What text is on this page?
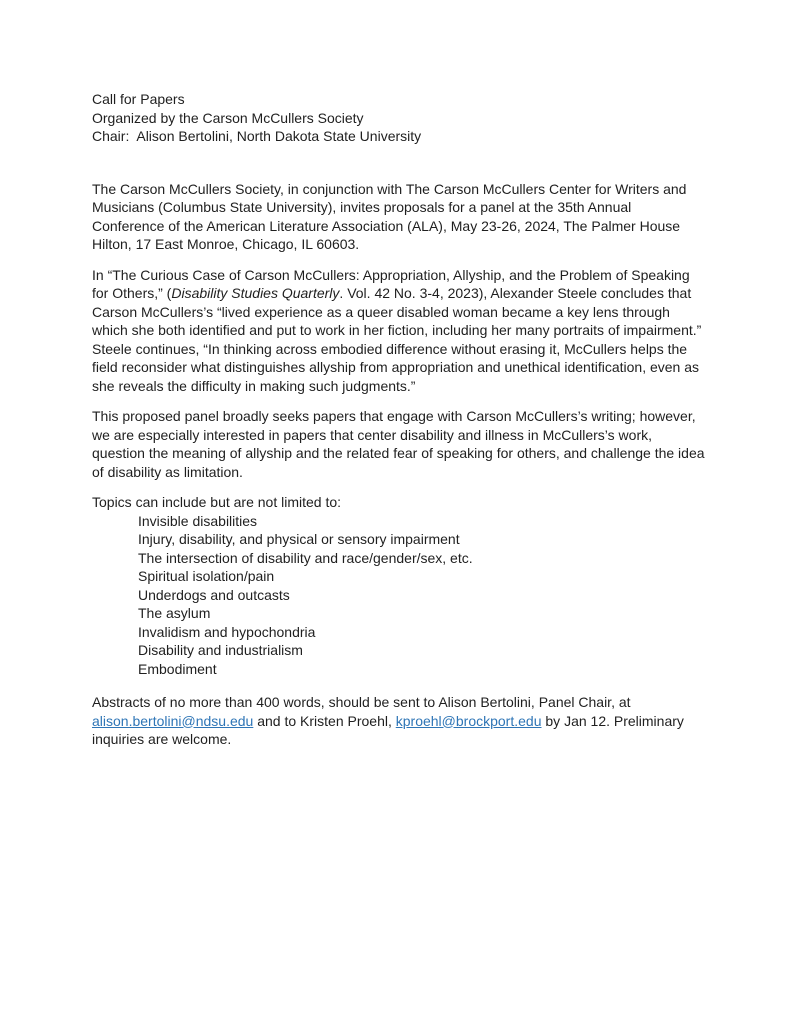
Call for Papers
Organized by the Carson McCullers Society
Chair:  Alison Bertolini, North Dakota State University

The Carson McCullers Society, in conjunction with The Carson McCullers Center for Writers and Musicians (Columbus State University), invites proposals for a panel at the 35th Annual Conference of the American Literature Association (ALA), May 23-26, 2024, The Palmer House Hilton, 17 East Monroe, Chicago, IL 60603.

In “The Curious Case of Carson McCullers: Appropriation, Allyship, and the Problem of Speaking for Others,” (Disability Studies Quarterly. Vol. 42 No. 3-4, 2023), Alexander Steele concludes that Carson McCullers’s “lived experience as a queer disabled woman became a key lens through which she both identified and put to work in her fiction, including her many portraits of impairment.” Steele continues, “In thinking across embodied difference without erasing it, McCullers helps the field reconsider what distinguishes allyship from appropriation and unethical identification, even as she reveals the difficulty in making such judgments.”

This proposed panel broadly seeks papers that engage with Carson McCullers’s writing; however, we are especially interested in papers that center disability and illness in McCullers’s work, question the meaning of allyship and the related fear of speaking for others, and challenge the idea of disability as limitation.

Topics can include but are not limited to:
Invisible disabilities
Injury, disability, and physical or sensory impairment
The intersection of disability and race/gender/sex, etc.
Spiritual isolation/pain
Underdogs and outcasts
The asylum
Invalidism and hypochondria
Disability and industrialism
Embodiment

Abstracts of no more than 400 words, should be sent to Alison Bertolini, Panel Chair, at alison.bertolini@ndsu.edu and to Kristen Proehl, kproehl@brockport.edu by Jan 12. Preliminary inquiries are welcome.
